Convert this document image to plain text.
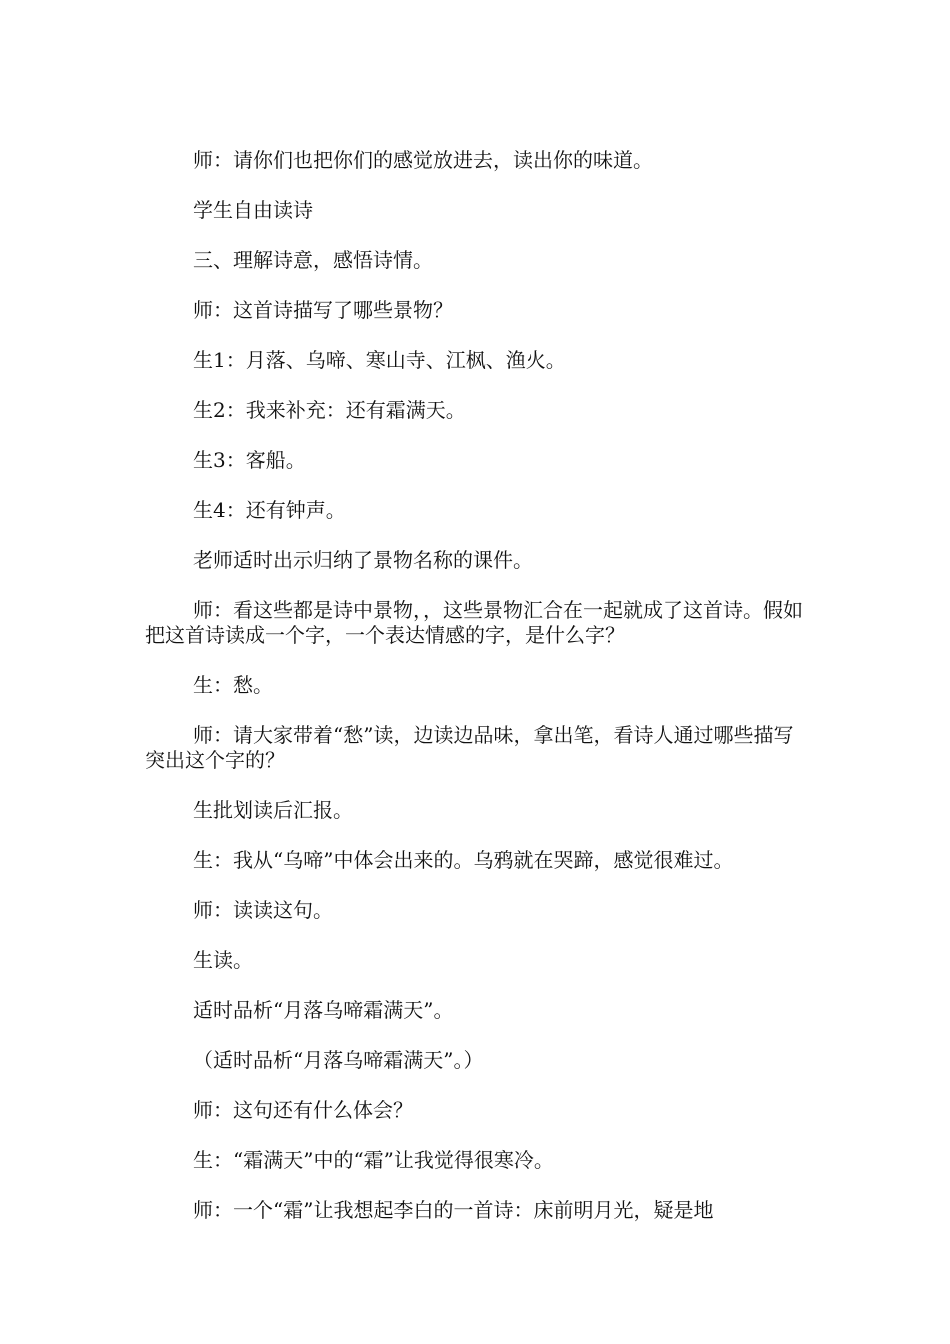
师：请你们也把你们的感觉放进去，读出你的味道。

学生自由读诗

三、理解诗意，感悟诗情。

师：这首诗描写了哪些景物？

生1：月落、乌啼、寒山寺、江枫、渔火。

生2：我来补充：还有霜满天。

生3：客船。

生4：还有钟声。

老师适时出示归纳了景物名称的课件。

师：看这些都是诗中景物，，这些景物汇合在一起就成了这首诗。假如把这首诗读成一个字，一个表达情感的字，是什么字？

生：愁。

师：请大家带着“愁”读，边读边品味，拿出笔，看诗人通过哪些描写突出这个字的？

生批划读后汇报。

生：我从“乌啼”中体会出来的。乌鸦就在哭蹄，感觉很难过。

师：读读这句。

生读。

适时品析“月落乌啼霜满天”。

（适时品析“月落乌啼霜满天”。）

师：这句还有什么体会？

生：“霜满天”中的“霜”让我觉得很寒冷。

师：一个“霜”让我想起李白的一首诗：床前明月光，疑是地
